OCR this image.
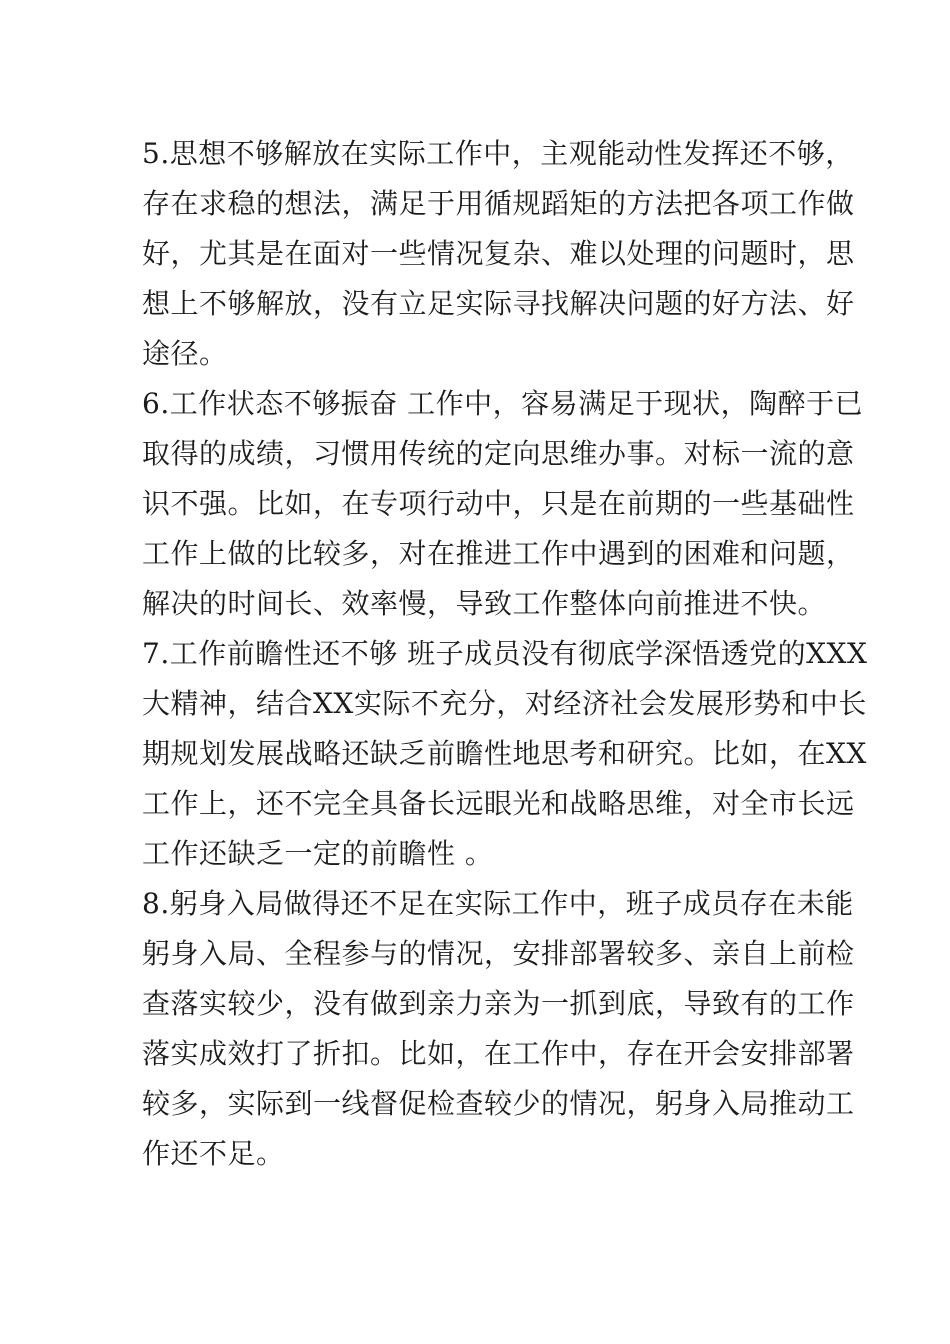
5.思想不够解放在实际工作中，主观能动性发挥还不够，
存在求稳的想法，满足于用循规蹈矩的方法把各项工作做
好，尤其是在面对一些情况复杂、难以处理的问题时，思
想上不够解放，没有立足实际寻找解决问题的好方法、好
途径。
6.工作状态不够振奋 工作中，容易满足于现状，陶醉于已
取得的成绩，习惯用传统的定向思维办事。对标一流的意
识不强。比如，在专项行动中，只是在前期的一些基础性
工作上做的比较多，对在推进工作中遇到的困难和问题，
解决的时间长、效率慢，导致工作整体向前推进不快。
7.工作前瞻性还不够 班子成员没有彻底学深悟透党的XXX
大精神，结合XX实际不充分，对经济社会发展形势和中长
期规划发展战略还缺乏前瞻性地思考和研究。比如，在XX
工作上，还不完全具备长远眼光和战略思维，对全市长远
工作还缺乏一定的前瞻性 。
8.躬身入局做得还不足在实际工作中，班子成员存在未能
躬身入局、全程参与的情况，安排部署较多、亲自上前检
查落实较少，没有做到亲力亲为一抓到底，导致有的工作
落实成效打了折扣。比如，在工作中，存在开会安排部署
较多，实际到一线督促检查较少的情况，躬身入局推动工
作还不足。
